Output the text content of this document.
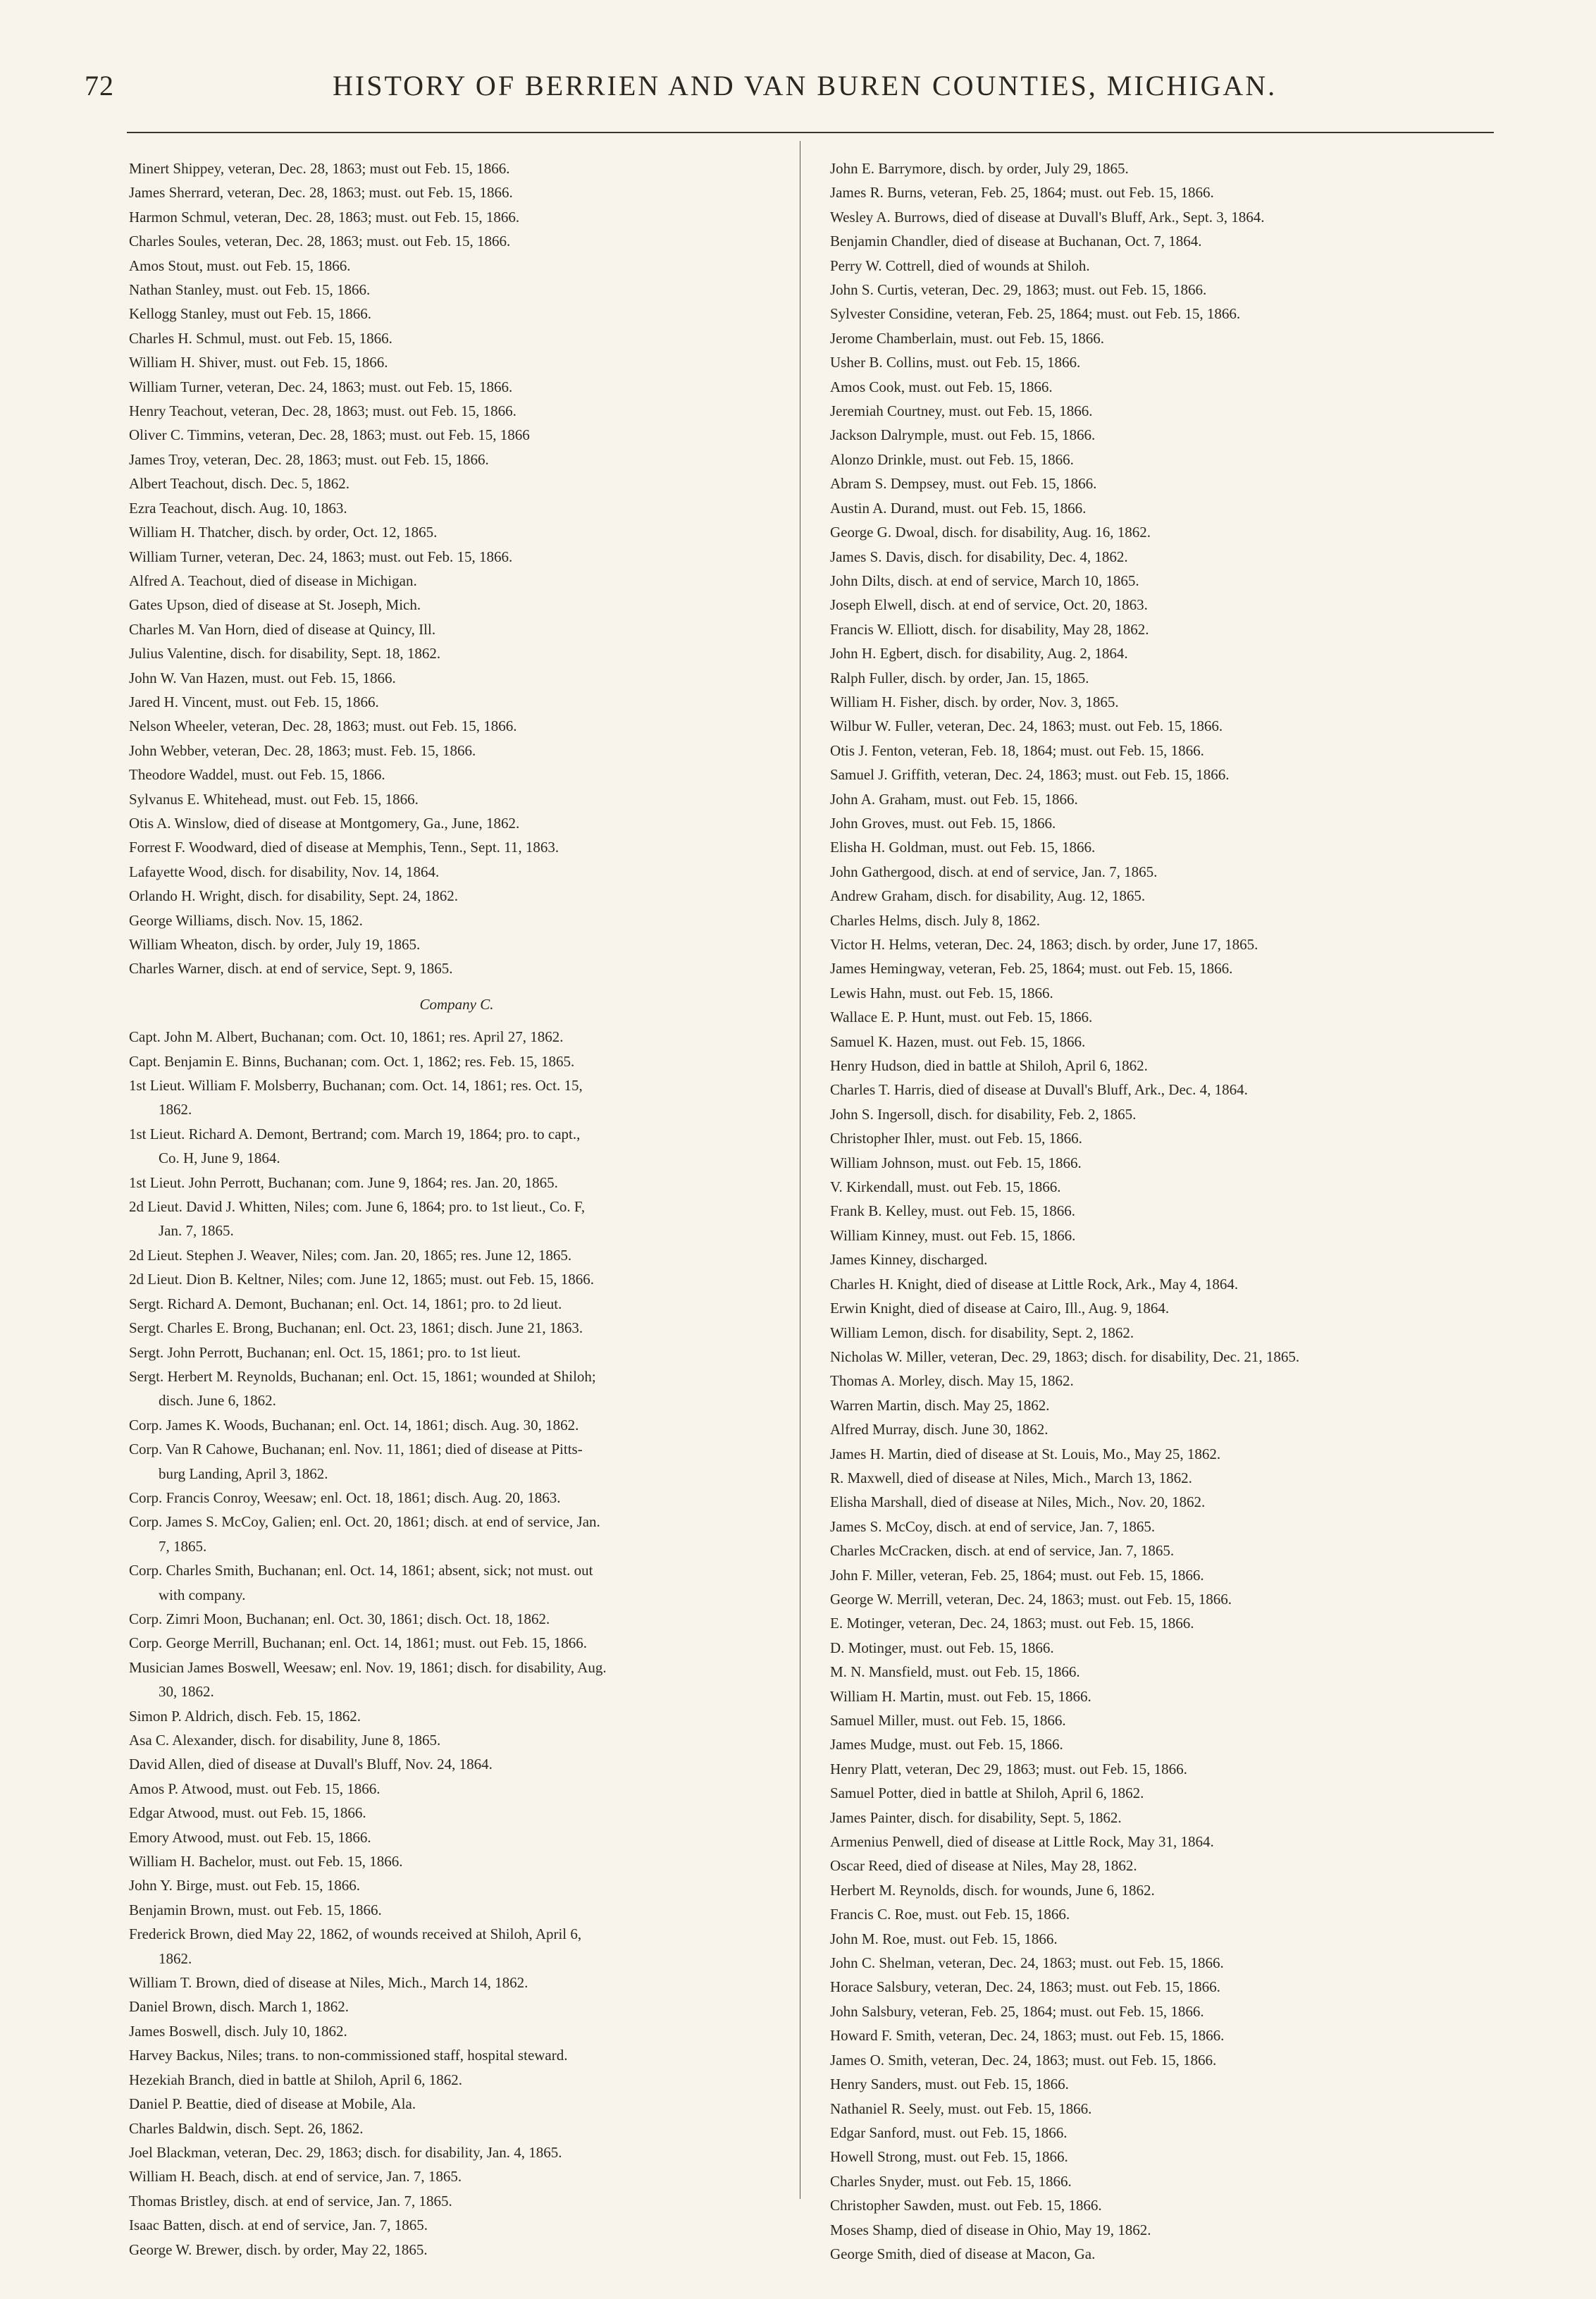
72	HISTORY OF BERRIEN AND VAN BUREN COUNTIES, MICHIGAN.
Minert Shippey, veteran, Dec. 28, 1863; must out Feb. 15, 1866.
James Sherrard, veteran, Dec. 28, 1863; must. out Feb. 15, 1866.
Harmon Schmul, veteran, Dec. 28, 1863; must. out Feb. 15, 1866.
Charles Soules, veteran, Dec. 28, 1863; must. out Feb. 15, 1866.
Amos Stout, must. out Feb. 15, 1866.
Nathan Stanley, must. out Feb. 15, 1866.
Kellogg Stanley, must out Feb. 15, 1866.
Charles H. Schmul, must. out Feb. 15, 1866.
William H. Shiver, must. out Feb. 15, 1866.
William Turner, veteran, Dec. 24, 1863; must. out Feb. 15, 1866.
Henry Teachout, veteran, Dec. 28, 1863; must. out Feb. 15, 1866.
Oliver C. Timmins, veteran, Dec. 28, 1863; must. out Feb. 15, 1866
James Troy, veteran, Dec. 28, 1863; must. out Feb. 15, 1866.
Albert Teachout, disch. Dec. 5, 1862.
Ezra Teachout, disch. Aug. 10, 1863.
William H. Thatcher, disch. by order, Oct. 12, 1865.
William Turner, veteran, Dec. 24, 1863; must. out Feb. 15, 1866.
Alfred A. Teachout, died of disease in Michigan.
Gates Upson, died of disease at St. Joseph, Mich.
Charles M. Van Horn, died of disease at Quincy, Ill.
Julius Valentine, disch. for disability, Sept. 18, 1862.
John W. Van Hazen, must. out Feb. 15, 1866.
Jared H. Vincent, must. out Feb. 15, 1866.
Nelson Wheeler, veteran, Dec. 28, 1863; must. out Feb. 15, 1866.
John Webber, veteran, Dec. 28, 1863; must. Feb. 15, 1866.
Theodore Waddel, must. out Feb. 15, 1866.
Sylvanus E. Whitehead, must. out Feb. 15, 1866.
Otis A. Winslow, died of disease at Montgomery, Ga., June, 1862.
Forrest F. Woodward, died of disease at Memphis, Tenn., Sept. 11, 1863.
Lafayette Wood, disch. for disability, Nov. 14, 1864.
Orlando H. Wright, disch. for disability, Sept. 24, 1862.
George Williams, disch. Nov. 15, 1862.
William Wheaton, disch. by order, July 19, 1865.
Charles Warner, disch. at end of service, Sept. 9, 1865.
Company C.
Capt. John M. Albert, Buchanan; com. Oct. 10, 1861; res. April 27, 1862.
Capt. Benjamin E. Binns, Buchanan; com. Oct. 1, 1862; res. Feb. 15, 1865.
1st Lieut. William F. Molsberry, Buchanan; com. Oct. 14, 1861; res. Oct. 15,
1862.
1st Lieut. Richard A. Demont, Bertrand; com. March 19, 1864; pro. to capt.,
Co. H, June 9, 1864.
1st Lieut. John Perrott, Buchanan; com. June 9, 1864; res. Jan. 20, 1865.
2d Lieut. David J. Whitten, Niles; com. June 6, 1864; pro. to 1st lieut., Co. F,
Jan. 7, 1865.
2d Lieut. Stephen J. Weaver, Niles; com. Jan. 20, 1865; res. June 12, 1865.
2d Lieut. Dion B. Keltner, Niles; com. June 12, 1865; must. out Feb. 15, 1866.
Sergt. Richard A. Demont, Buchanan; enl. Oct. 14, 1861; pro. to 2d lieut.
Sergt. Charles E. Brong, Buchanan; enl. Oct. 23, 1861; disch. June 21, 1863.
Sergt. John Perrott, Buchanan; enl. Oct. 15, 1861; pro. to 1st lieut.
Sergt. Herbert M. Reynolds, Buchanan; enl. Oct. 15, 1861; wounded at Shiloh;
disch. June 6, 1862.
Corp. James K. Woods, Buchanan; enl. Oct. 14, 1861; disch. Aug. 30, 1862.
Corp. Van R Cahowe, Buchanan; enl. Nov. 11, 1861; died of disease at Pitts-
burg Landing, April 3, 1862.
Corp. Francis Conroy, Weesaw; enl. Oct. 18, 1861; disch. Aug. 20, 1863.
Corp. James S. McCoy, Galien; enl. Oct. 20, 1861; disch. at end of service, Jan.
7, 1865.
Corp. Charles Smith, Buchanan; enl. Oct. 14, 1861; absent, sick; not must. out
with company.
Corp. Zimri Moon, Buchanan; enl. Oct. 30, 1861; disch. Oct. 18, 1862.
Corp. George Merrill, Buchanan; enl. Oct. 14, 1861; must. out Feb. 15, 1866.
Musician James Boswell, Weesaw; enl. Nov. 19, 1861; disch. for disability, Aug.
30, 1862.
Simon P. Aldrich, disch. Feb. 15, 1862.
Asa C. Alexander, disch. for disability, June 8, 1865.
David Allen, died of disease at Duvall's Bluff, Nov. 24, 1864.
Amos P. Atwood, must. out Feb. 15, 1866.
Edgar Atwood, must. out Feb. 15, 1866.
Emory Atwood, must. out Feb. 15, 1866.
William H. Bachelor, must. out Feb. 15, 1866.
John Y. Birge, must. out Feb. 15, 1866.
Benjamin Brown, must. out Feb. 15, 1866.
Frederick Brown, died May 22, 1862, of wounds received at Shiloh, April 6,
1862.
William T. Brown, died of disease at Niles, Mich., March 14, 1862.
Daniel Brown, disch. March 1, 1862.
James Boswell, disch. July 10, 1862.
Harvey Backus, Niles; trans. to non-commissioned staff, hospital steward.
Hezekiah Branch, died in battle at Shiloh, April 6, 1862.
Daniel P. Beattie, died of disease at Mobile, Ala.
Charles Baldwin, disch. Sept. 26, 1862.
Joel Blackman, veteran, Dec. 29, 1863; disch. for disability, Jan. 4, 1865.
William H. Beach, disch. at end of service, Jan. 7, 1865.
Thomas Bristley, disch. at end of service, Jan. 7, 1865.
Isaac Batten, disch. at end of service, Jan. 7, 1865.
George W. Brewer, disch. by order, May 22, 1865.
John E. Barrymore, disch. by order, July 29, 1865.
James R. Burns, veteran, Feb. 25, 1864; must. out Feb. 15, 1866.
Wesley A. Burrows, died of disease at Duvall's Bluff, Ark., Sept. 3, 1864.
Benjamin Chandler, died of disease at Buchanan, Oct. 7, 1864.
Perry W. Cottrell, died of wounds at Shiloh.
John S. Curtis, veteran, Dec. 29, 1863; must. out Feb. 15, 1866.
Sylvester Considine, veteran, Feb. 25, 1864; must. out Feb. 15, 1866.
Jerome Chamberlain, must. out Feb. 15, 1866.
Usher B. Collins, must. out Feb. 15, 1866.
Amos Cook, must. out Feb. 15, 1866.
Jeremiah Courtney, must. out Feb. 15, 1866.
Jackson Dalrymple, must. out Feb. 15, 1866.
Alonzo Drinkle, must. out Feb. 15, 1866.
Abram S. Dempsey, must. out Feb. 15, 1866.
Austin A. Durand, must. out Feb. 15, 1866.
George G. Dwoal, disch. for disability, Aug. 16, 1862.
James S. Davis, disch. for disability, Dec. 4, 1862.
John Dilts, disch. at end of service, March 10, 1865.
Joseph Elwell, disch. at end of service, Oct. 20, 1863.
Francis W. Elliott, disch. for disability, May 28, 1862.
John H. Egbert, disch. for disability, Aug. 2, 1864.
Ralph Fuller, disch. by order, Jan. 15, 1865.
William H. Fisher, disch. by order, Nov. 3, 1865.
Wilbur W. Fuller, veteran, Dec. 24, 1863; must. out Feb. 15, 1866.
Otis J. Fenton, veteran, Feb. 18, 1864; must. out Feb. 15, 1866.
Samuel J. Griffith, veteran, Dec. 24, 1863; must. out Feb. 15, 1866.
John A. Graham, must. out Feb. 15, 1866.
John Groves, must. out Feb. 15, 1866.
Elisha H. Goldman, must. out Feb. 15, 1866.
John Gathergood, disch. at end of service, Jan. 7, 1865.
Andrew Graham, disch. for disability, Aug. 12, 1865.
Charles Helms, disch. July 8, 1862.
Victor H. Helms, veteran, Dec. 24, 1863; disch. by order, June 17, 1865.
James Hemingway, veteran, Feb. 25, 1864; must. out Feb. 15, 1866.
Lewis Hahn, must. out Feb. 15, 1866.
Wallace E. P. Hunt, must. out Feb. 15, 1866.
Samuel K. Hazen, must. out Feb. 15, 1866.
Henry Hudson, died in battle at Shiloh, April 6, 1862.
Charles T. Harris, died of disease at Duvall's Bluff, Ark., Dec. 4, 1864.
John S. Ingersoll, disch. for disability, Feb. 2, 1865.
Christopher Ihler, must. out Feb. 15, 1866.
William Johnson, must. out Feb. 15, 1866.
V. Kirkendall, must. out Feb. 15, 1866.
Frank B. Kelley, must. out Feb. 15, 1866.
William Kinney, must. out Feb. 15, 1866.
James Kinney, discharged.
Charles H. Knight, died of disease at Little Rock, Ark., May 4, 1864.
Erwin Knight, died of disease at Cairo, Ill., Aug. 9, 1864.
William Lemon, disch. for disability, Sept. 2, 1862.
Nicholas W. Miller, veteran, Dec. 29, 1863; disch. for disability, Dec. 21, 1865.
Thomas A. Morley, disch. May 15, 1862.
Warren Martin, disch. May 25, 1862.
Alfred Murray, disch. June 30, 1862.
James H. Martin, died of disease at St. Louis, Mo., May 25, 1862.
R. Maxwell, died of disease at Niles, Mich., March 13, 1862.
Elisha Marshall, died of disease at Niles, Mich., Nov. 20, 1862.
James S. McCoy, disch. at end of service, Jan. 7, 1865.
Charles McCracken, disch. at end of service, Jan. 7, 1865.
John F. Miller, veteran, Feb. 25, 1864; must. out Feb. 15, 1866.
George W. Merrill, veteran, Dec. 24, 1863; must. out Feb. 15, 1866.
E. Motinger, veteran, Dec. 24, 1863; must. out Feb. 15, 1866.
D. Motinger, must. out Feb. 15, 1866.
M. N. Mansfield, must. out Feb. 15, 1866.
William H. Martin, must. out Feb. 15, 1866.
Samuel Miller, must. out Feb. 15, 1866.
James Mudge, must. out Feb. 15, 1866.
Henry Platt, veteran, Dec 29, 1863; must. out Feb. 15, 1866.
Samuel Potter, died in battle at Shiloh, April 6, 1862.
James Painter, disch. for disability, Sept. 5, 1862.
Armenius Penwell, died of disease at Little Rock, May 31, 1864.
Oscar Reed, died of disease at Niles, May 28, 1862.
Herbert M. Reynolds, disch. for wounds, June 6, 1862.
Francis C. Roe, must. out Feb. 15, 1866.
John M. Roe, must. out Feb. 15, 1866.
John C. Shelman, veteran, Dec. 24, 1863; must. out Feb. 15, 1866.
Horace Salsbury, veteran, Dec. 24, 1863; must. out Feb. 15, 1866.
John Salsbury, veteran, Feb. 25, 1864; must. out Feb. 15, 1866.
Howard F. Smith, veteran, Dec. 24, 1863; must. out Feb. 15, 1866.
James O. Smith, veteran, Dec. 24, 1863; must. out Feb. 15, 1866.
Henry Sanders, must. out Feb. 15, 1866.
Nathaniel R. Seely, must. out Feb. 15, 1866.
Edgar Sanford, must. out Feb. 15, 1866.
Howell Strong, must. out Feb. 15, 1866.
Charles Snyder, must. out Feb. 15, 1866.
Christopher Sawden, must. out Feb. 15, 1866.
Moses Shamp, died of disease in Ohio, May 19, 1862.
George Smith, died of disease at Macon, Ga.
